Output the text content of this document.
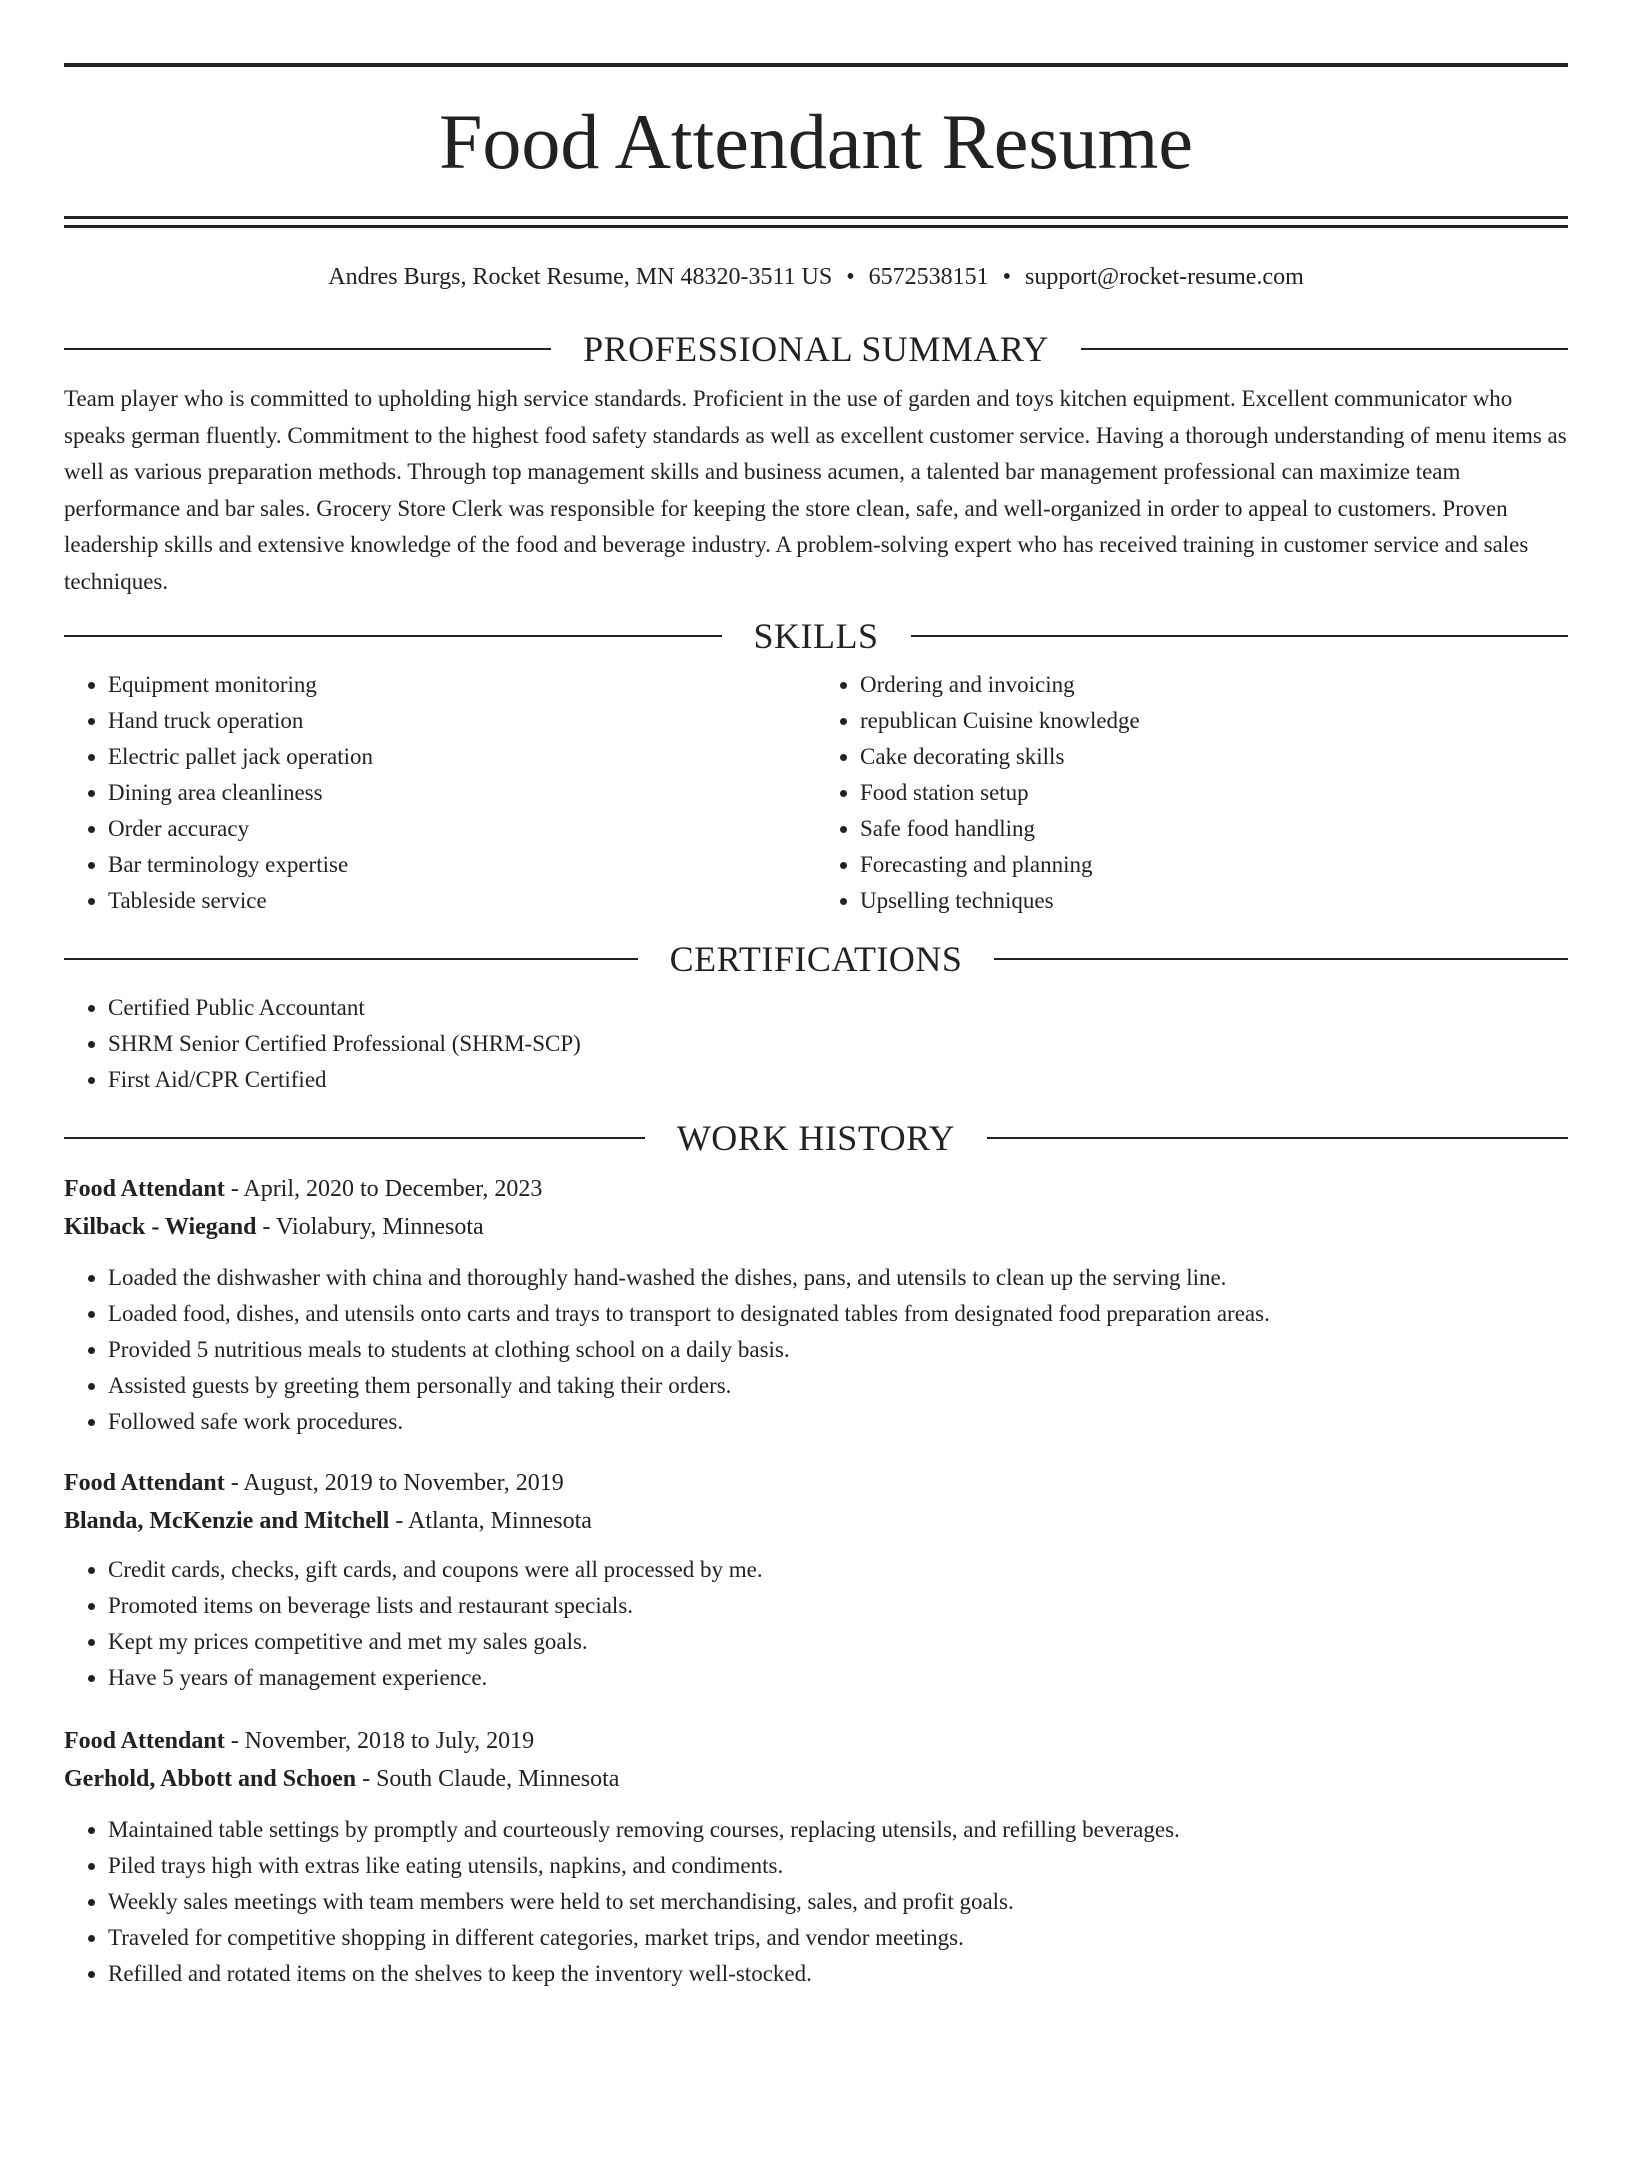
Food Attendant Resume
Andres Burgs, Rocket Resume, MN 48320-3511 US • 6572538151 • support@rocket-resume.com
PROFESSIONAL SUMMARY

Team player who is committed to upholding high service standards. Proficient in the use of garden and toys kitchen equipment. Excellent communicator who speaks german fluently. Commitment to the highest food safety standards as well as excellent customer service. Having a thorough understanding of menu items as well as various preparation methods. Through top management skills and business acumen, a talented bar management professional can maximize team performance and bar sales. Grocery Store Clerk was responsible for keeping the store clean, safe, and well-organized in order to appeal to customers. Proven leadership skills and extensive knowledge of the food and beverage industry. A problem-solving expert who has received training in customer service and sales techniques.

SKILLS
• Equipment monitoring
• Hand truck operation
• Electric pallet jack operation
• Dining area cleanliness
• Order accuracy
• Bar terminology expertise
• Tableside service
• Ordering and invoicing
• republican Cuisine knowledge
• Cake decorating skills
• Food station setup
• Safe food handling
• Forecasting and planning
• Upselling techniques
CERTIFICATIONS
• Certified Public Accountant
• SHRM Senior Certified Professional (SHRM-SCP)
• First Aid/CPR Certified
WORK HISTORY
Food Attendant - April, 2020 to December, 2023
Kilback - Wiegand - Violabury, Minnesota
• Loaded the dishwasher with china and thoroughly hand-washed the dishes, pans, and utensils to clean up the serving line.
• Loaded food, dishes, and utensils onto carts and trays to transport to designated tables from designated food preparation areas.
• Provided 5 nutritious meals to students at clothing school on a daily basis.
• Assisted guests by greeting them personally and taking their orders.
• Followed safe work procedures.
Food Attendant - August, 2019 to November, 2019
Blanda, McKenzie and Mitchell - Atlanta, Minnesota
• Credit cards, checks, gift cards, and coupons were all processed by me.
• Promoted items on beverage lists and restaurant specials.
• Kept my prices competitive and met my sales goals.
• Have 5 years of management experience.
Food Attendant - November, 2018 to July, 2019
Gerhold, Abbott and Schoen - South Claude, Minnesota
• Maintained table settings by promptly and courteously removing courses, replacing utensils, and refilling beverages.
• Piled trays high with extras like eating utensils, napkins, and condiments.
• Weekly sales meetings with team members were held to set merchandising, sales, and profit goals.
• Traveled for competitive shopping in different categories, market trips, and vendor meetings.
• Refilled and rotated items on the shelves to keep the inventory well-stocked.
